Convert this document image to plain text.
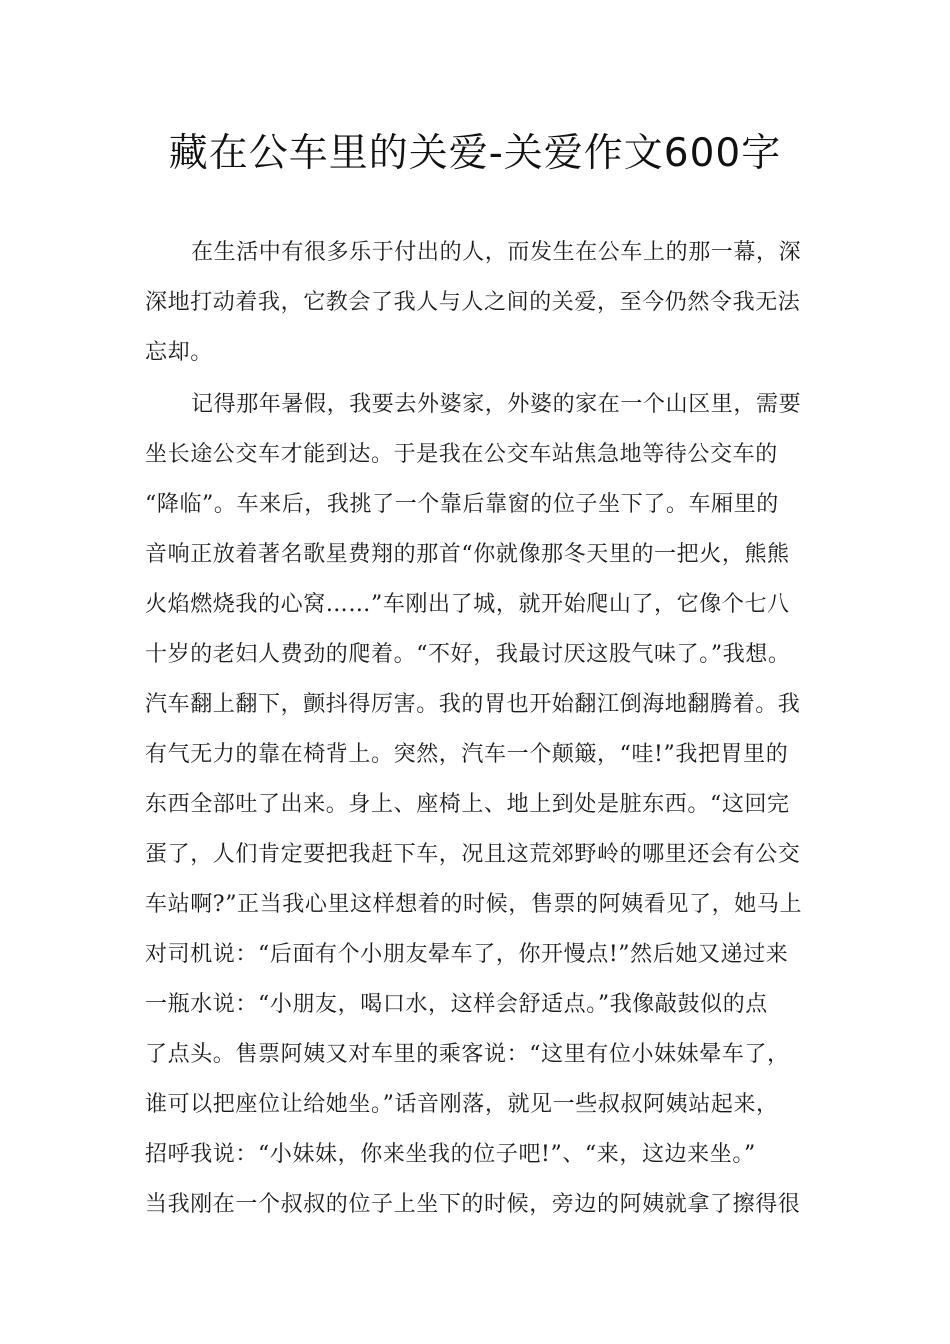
藏在公车里的关爱-关爱作文600字
在生活中有很多乐于付出的人，而发生在公车上的那一幕，深
深地打动着我，它教会了我人与人之间的关爱，至今仍然令我无法
忘却。
记得那年暑假，我要去外婆家，外婆的家在一个山区里，需要
坐长途公交车才能到达。于是我在公交车站焦急地等待公交车的
“降临”。车来后，我挑了一个靠后靠窗的位子坐下了。车厢里的
音响正放着著名歌星费翔的那首“你就像那冬天里的一把火，熊熊
火焰燃烧我的心窝……”车刚出了城，就开始爬山了，它像个七八
十岁的老妇人费劲的爬着。“不好，我最讨厌这股气味了。”我想。
汽车翻上翻下，颤抖得厉害。我的胃也开始翻江倒海地翻腾着。我
有气无力的靠在椅背上。突然，汽车一个颠簸，“哇!”我把胃里的
东西全部吐了出来。身上、座椅上、地上到处是脏东西。“这回完
蛋了，人们肯定要把我赶下车，况且这荒郊野岭的哪里还会有公交
车站啊?”正当我心里这样想着的时候，售票的阿姨看见了，她马上
对司机说：“后面有个小朋友晕车了，你开慢点!”然后她又递过来
一瓶水说：“小朋友，喝口水，这样会舒适点。”我像敲鼓似的点
了点头。售票阿姨又对车里的乘客说：“这里有位小妹妹晕车了，
谁可以把座位让给她坐。”话音刚落，就见一些叔叔阿姨站起来，
招呼我说：“小妹妹，你来坐我的位子吧!”、“来，这边来坐。”
当我刚在一个叔叔的位子上坐下的时候，旁边的阿姨就拿了擦得很
